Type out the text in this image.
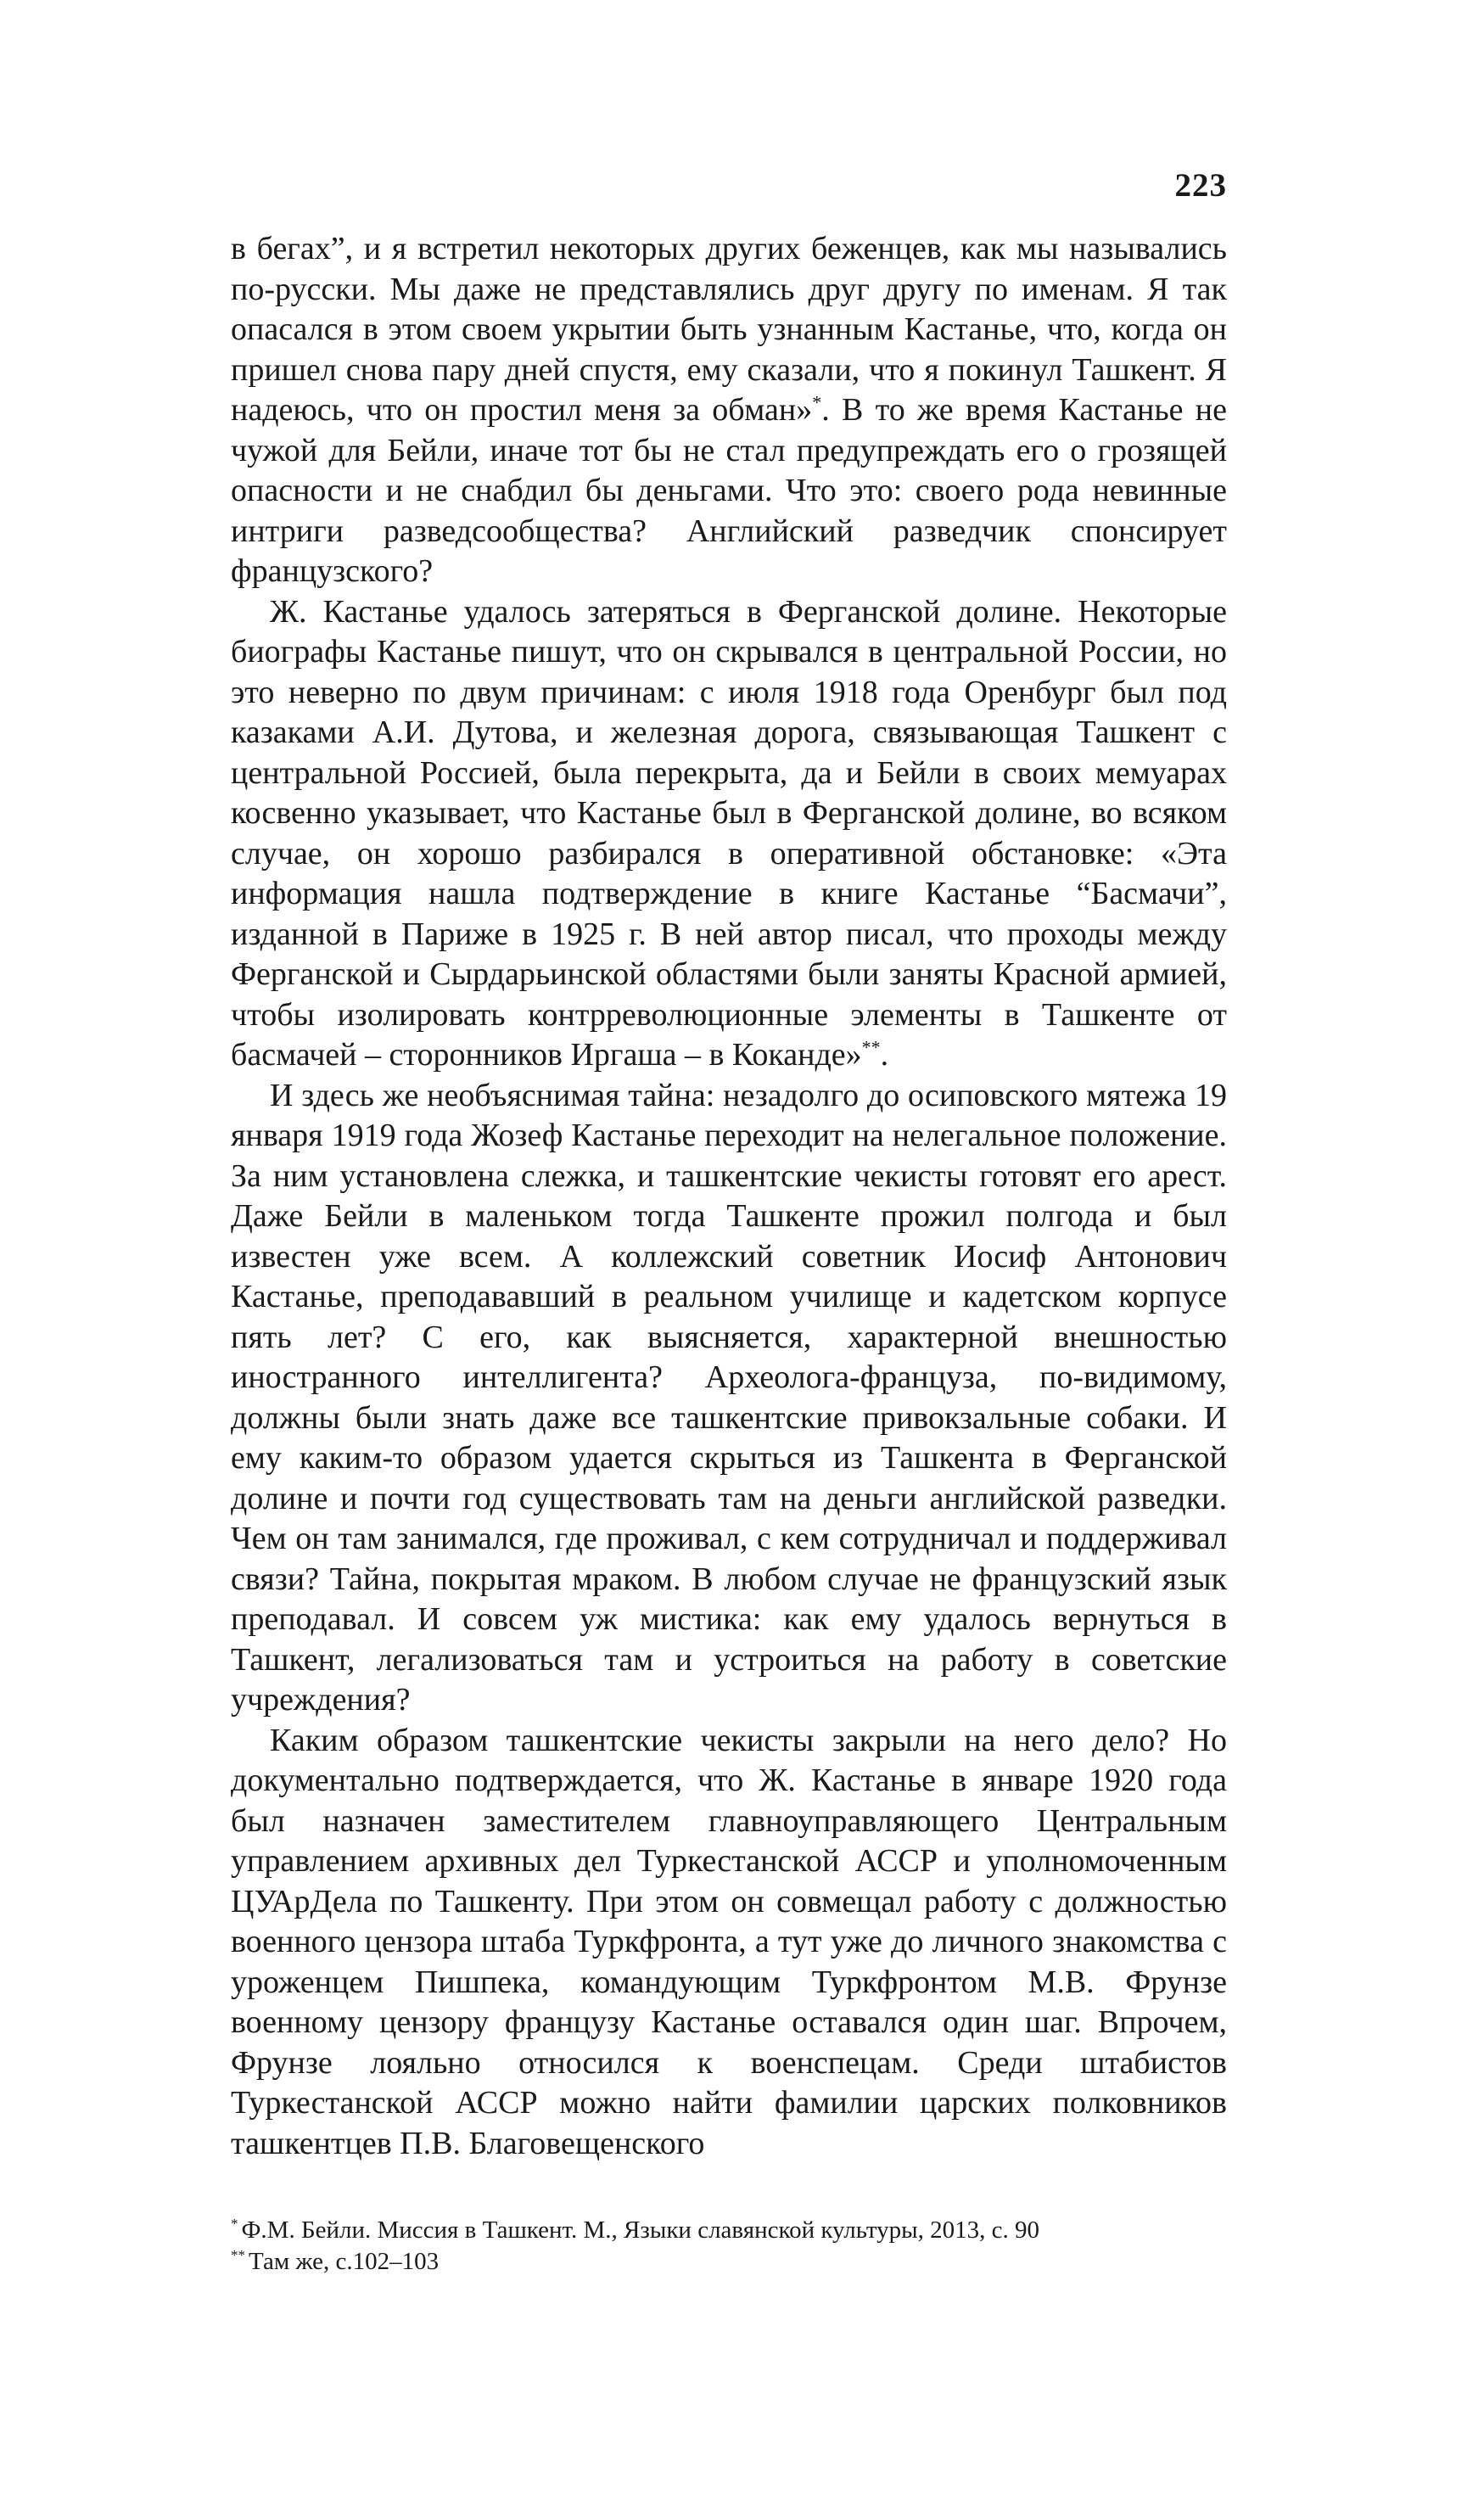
223

в бегах”, и я встретил некоторых других беженцев, как мы назывались по-русски. Мы даже не представлялись друг другу по именам. Я так опасался в этом своем укрытии быть узнанным Кастанье, что, когда он пришел снова пару дней спустя, ему сказали, что я покинул Ташкент. Я надеюсь, что он простил меня за обман»*. В то же время Кастанье не чужой для Бейли, иначе тот бы не стал предупреждать его о грозящей опасности и не снабдил бы деньгами. Что это: своего рода невинные интриги разведсообщества? Английский разведчик спонсирует французского?

Ж. Кастанье удалось затеряться в Ферганской долине. Некоторые биографы Кастанье пишут, что он скрывался в центральной России, но это неверно по двум причинам: с июля 1918 года Оренбург был под казаками А.И. Дутова, и железная дорога, связывающая Ташкент с центральной Россией, была перекрыта, да и Бейли в своих мемуарах косвенно указывает, что Кастанье был в Ферганской долине, во всяком случае, он хорошо разбирался в оперативной обстановке: «Эта информация нашла подтверждение в книге Кастанье “Басмачи”, изданной в Париже в 1925 г. В ней автор писал, что проходы между Ферганской и Сырдарьинской областями были заняты Красной армией, чтобы изолировать контрреволюционные элементы в Ташкенте от басмачей – сторонников Иргаша – в Коканде»**.

И здесь же необъяснимая тайна: незадолго до осиповского мятежа 19 января 1919 года Жозеф Кастанье переходит на нелегальное положение. За ним установлена слежка, и ташкентские чекисты готовят его арест. Даже Бейли в маленьком тогда Ташкенте прожил полгода и был известен уже всем. А коллежский советник Иосиф Антонович Кастанье, преподававший в реальном училище и кадетском корпусе пять лет? С его, как выясняется, характерной внешностью иностранного интеллигента? Археолога-француза, по-видимому, должны были знать даже все ташкентские привокзальные собаки. И ему каким-то образом удается скрыться из Ташкента в Ферганской долине и почти год существовать там на деньги английской разведки. Чем он там занимался, где проживал, с кем сотрудничал и поддерживал связи? Тайна, покрытая мраком. В любом случае не французский язык преподавал. И совсем уж мистика: как ему удалось вернуться в Ташкент, легализоваться там и устроиться на работу в советские учреждения?

Каким образом ташкентские чекисты закрыли на него дело? Но документально подтверждается, что Ж. Кастанье в январе 1920 года был назначен заместителем главноуправляющего Центральным управлением архивных дел Туркестанской АССР и уполномоченным ЦУАрДела по Ташкенту. При этом он совмещал работу с должностью военного цензора штаба Туркфронта, а тут уже до личного знакомства с уроженцем Пишпека, командующим Туркфронтом М.В. Фрунзе военному цензору французу Кастанье оставался один шаг. Впрочем, Фрунзе лояльно относился к военспецам. Среди штабистов Туркестанской АССР можно найти фамилии царских полковников ташкентцев П.В. Благовещенского

* Ф.М. Бейли. Миссия в Ташкент. М., Языки славянской культуры, 2013, с. 90

** Там же, с.102–103
